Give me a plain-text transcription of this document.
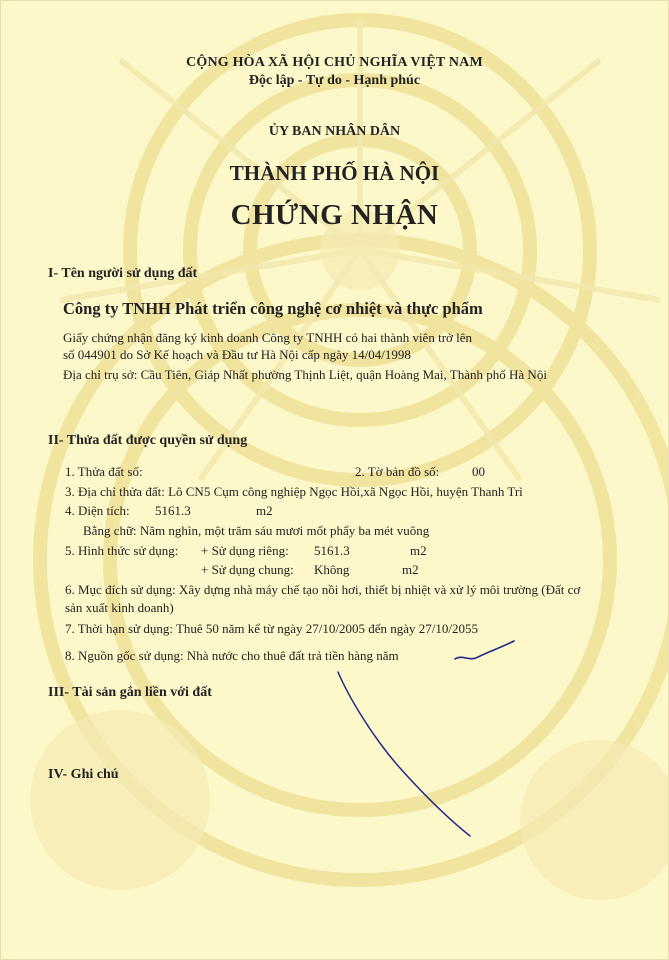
CỘNG HÒA XÃ HỘI CHỦ NGHĨA VIỆT NAM
Độc lập - Tự do - Hạnh phúc
ỦY BAN NHÂN DÂN
THÀNH PHỐ HÀ NỘI
CHỨNG NHẬN
I- Tên người sử dụng đất
Công ty TNHH Phát triển công nghệ cơ nhiệt và thực phẩm
Giấy chứng nhận đăng ký kinh doanh Công ty TNHH có hai thành viên trở lên
số 044901 do Sở Kế hoạch và Đầu tư Hà Nội cấp ngày 14/04/1998
Địa chỉ trụ sở: Cầu Tiên, Giáp Nhất phường Thịnh Liệt, quận Hoàng Mai, Thành phố Hà Nội
II- Thửa đất được quyền sử dụng
1. Thửa đất số:	2. Tờ bản đồ số:	00
3. Địa chỉ thửa đất: Lô CN5 Cụm công nghiệp Ngọc Hồi,xã Ngọc Hồi, huyện Thanh Trì
4. Diện tích: 5161.3	m2
Bằng chữ: Năm nghìn, một trăm sáu mươi mốt phẩy ba mét vuông
5. Hình thức sử dụng: + Sử dụng riêng: 5161.3	m2
+ Sử dụng chung: Không	m2
6. Mục đích sử dụng: Xây dựng nhà máy chế tạo nồi hơi, thiết bị nhiệt và xử lý môi trường (Đất cơ
sản xuất kinh doanh)
7. Thời hạn sử dụng: Thuê 50 năm kể từ ngày 27/10/2005 đến ngày 27/10/2055
8. Nguồn gốc sử dụng: Nhà nước cho thuê đất trả tiền hàng năm
III- Tài sản gắn liền với đất
IV- Ghi chú
